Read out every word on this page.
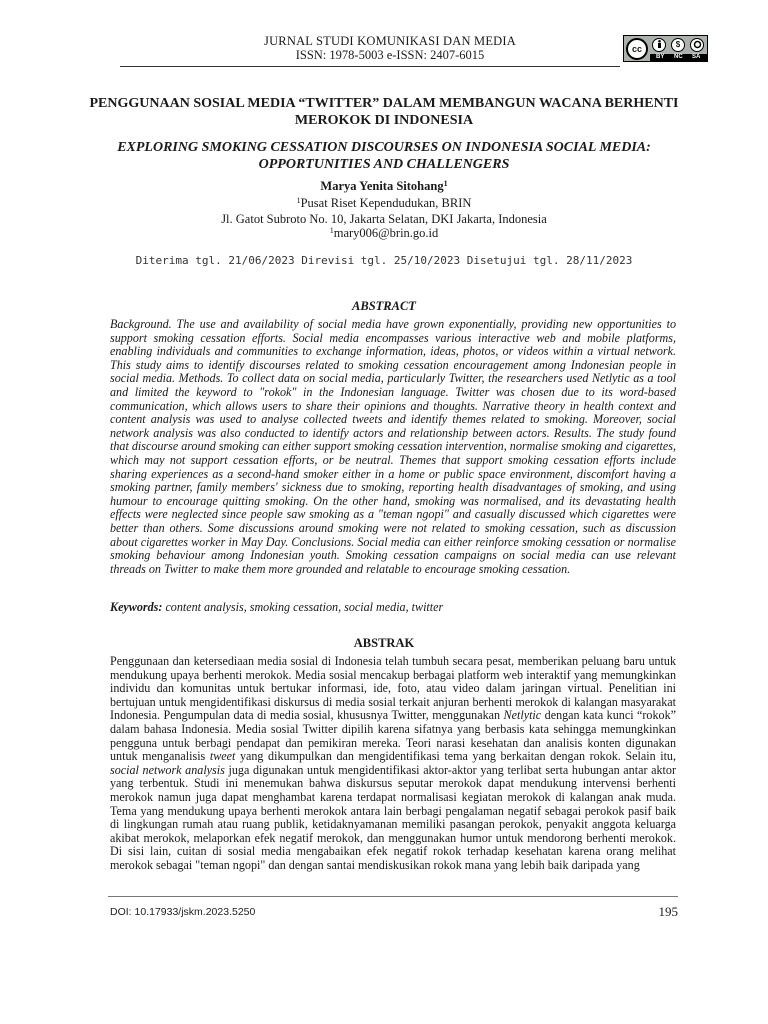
JURNAL STUDI KOMUNIKASI DAN MEDIA
ISSN: 1978-5003 e-ISSN: 2407-6015	cc	$
BY NC SA
PENGGUNAAN SOSIAL MEDIA “TWITTER” DALAM MEMBANGUN WACANA BERHENTI MEROKOK DI INDONESIA
EXPLORING SMOKING CESSATION DISCOURSES ON INDONESIA SOCIAL MEDIA: OPPORTUNITIES AND CHALLENGERS
Marya Yenita Sitohang$^1$
$^1$Pusat Riset Kependudukan, BRIN
Jl. Gatot Subroto No. 10, Jakarta Selatan, DKI Jakarta, Indonesia
$^1$mary006@brin.go.id
Diterima tgl. 21/06/2023 Direvisi tgl. 25/10/2023 Disetujui tgl. 28/11/2023
ABSTRACT
Background. The use and availability of social media have grown exponentially, providing new opportunities to support smoking cessation efforts. Social media encompasses various interactive web and mobile platforms, enabling individuals and communities to exchange information, ideas, photos, or videos within a virtual network. This study aims to identify discourses related to smoking cessation encouragement among Indonesian people in social media. Methods. To collect data on social media, particularly Twitter, the researchers used Netlytic as a tool and limited the keyword to "rokok" in the Indonesian language. Twitter was chosen due to its word-based communication, which allows users to share their opinions and thoughts. Narrative theory in health context and content analysis was used to analyse collected tweets and identify themes related to smoking. Moreover, social network analysis was also conducted to identify actors and relationship between actors. Results. The study found that discourse around smoking can either support smoking cessation intervention, normalise smoking and cigarettes, which may not support cessation efforts, or be neutral. Themes that support smoking cessation efforts include sharing experiences as a second-hand smoker either in a home or public space environment, discomfort having a smoking partner, family members' sickness due to smoking, reporting health disadvantages of smoking, and using humour to encourage quitting smoking. On the other hand, smoking was normalised, and its devastating health effects were neglected since people saw smoking as a "teman ngopi" and casually discussed which cigarettes were better than others. Some discussions around smoking were not related to smoking cessation, such as discussion about cigarettes worker in May Day. Conclusions. Social media can either reinforce smoking cessation or normalise smoking behaviour among Indonesian youth. Smoking cessation campaigns on social media can use relevant threads on Twitter to make them more grounded and relatable to encourage smoking cessation.
Keywords: content analysis, smoking cessation, social media, twitter
ABSTRAK
Penggunaan dan ketersediaan media sosial di Indonesia telah tumbuh secara pesat, memberikan peluang baru untuk mendukung upaya berhenti merokok. Media sosial mencakup berbagai platform web interaktif yang memungkinkan individu dan komunitas untuk bertukar informasi, ide, foto, atau video dalam jaringan virtual. Penelitian ini bertujuan untuk mengidentifikasi diskursus di media sosial terkait anjuran berhenti merokok di kalangan masyarakat Indonesia. Pengumpulan data di media sosial, khususnya Twitter, menggunakan Netlytic dengan kata kunci “rokok” dalam bahasa Indonesia. Media sosial Twitter dipilih karena sifatnya yang berbasis kata sehingga memungkinkan pengguna untuk berbagi pendapat dan pemikiran mereka. Teori narasi kesehatan dan analisis konten digunakan untuk menganalisis tweet yang dikumpulkan dan mengidentifikasi tema yang berkaitan dengan rokok. Selain itu, social network analysis juga digunakan untuk mengidentifikasi aktor-aktor yang terlibat serta hubungan antar aktor yang terbentuk. Studi ini menemukan bahwa diskursus seputar merokok dapat mendukung intervensi berhenti merokok namun juga dapat menghambat karena terdapat normalisasi kegiatan merokok di kalangan anak muda. Tema yang mendukung upaya berhenti merokok antara lain berbagi pengalaman negatif sebagai perokok pasif baik di lingkungan rumah atau ruang publik, ketidaknyamanan memiliki pasangan perokok, penyakit anggota keluarga akibat merokok, melaporkan efek negatif merokok, dan menggunakan humor untuk mendorong berhenti merokok. Di sisi lain, cuitan di sosial media mengabaikan efek negatif rokok terhadap kesehatan karena orang melihat merokok sebagai "teman ngopi" dan dengan santai mendiskusikan rokok mana yang lebih baik daripada yang
DOI: 10.17933/jskm.2023.5250	195
